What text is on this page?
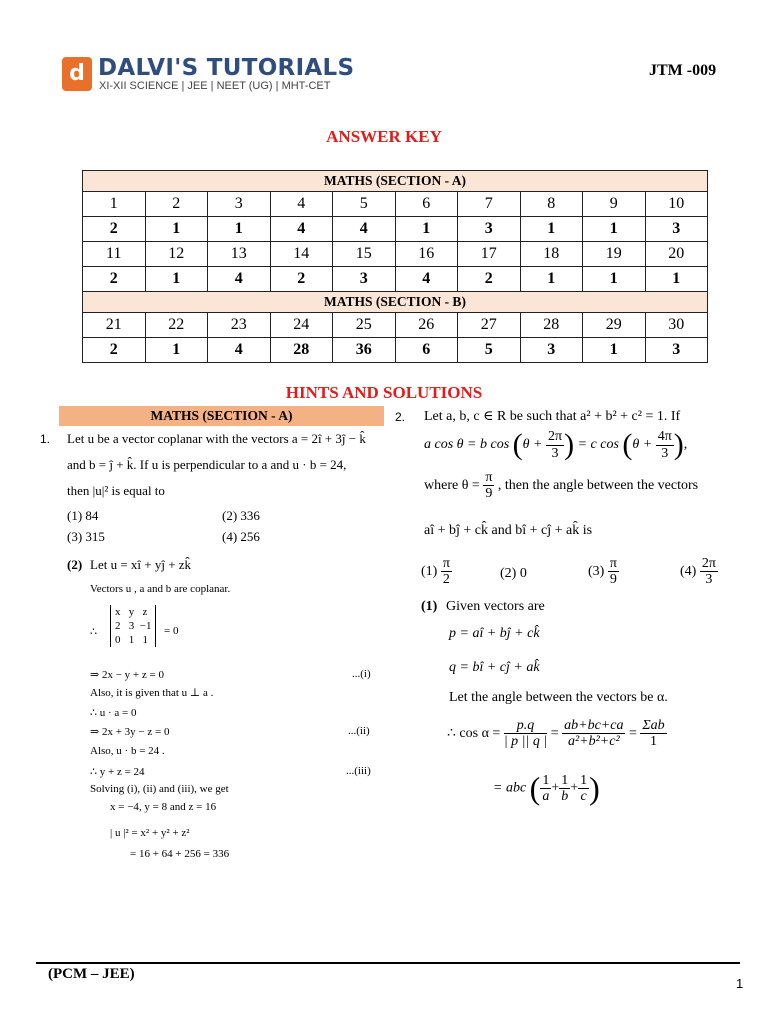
d DALVI'S TUTORIALS
XI-XII SCIENCE | JEE | NEET (UG) | MHT-CET
JTM -009
ANSWER KEY
MATHS (SECTION - A)									
1	2	3	4	5	6	7	8	9	10
2	1	1	4	4	1	3	1	1	3
11	12	13	14	15	16	17	18	19	20
2	1	4	2	3	4	2	1	1	1
MATHS (SECTION - B)									
21	22	23	24	25	26	27	28	29	30
2	1	4	28	36	6	5	3	1	3
HINTS AND SOLUTIONS
MATHS (SECTION - A)
1. Let u be a vector coplanar with the vectors a = 2î + 3ĵ − k̂
and b = ĵ + k̂. If u is perpendicular to a and u · b = 24,
then |u|² is equal to
(1) 84	(2) 336
(3) 315	(4) 256
(2) Let u = xî + yĵ + zk̂
Vectors u , a and b are coplanar.
∴
x   y   z
2   3  −1
0   1   1
= 0
⇒ 2x − y + z = 0	...(i)
Also, it is given that u ⊥ a .
∴ u · a = 0
⇒ 2x + 3y − z = 0	...(ii)
Also, u · b = 24 .
∴ y + z = 24	...(iii)
Solving (i), (ii) and (iii), we get
x = −4, y = 8 and z = 16
| u |² = x² + y² + z²
= 16 + 64 + 256 = 336
2. Let a, b, c ∈ R be such that a² + b² + c² = 1. If
a cos θ = b $\cos (\theta + \frac{2\pi}{3}$ ) = c $\cos (\theta + \frac{4\pi}{3}$ ),
where $\theta = \frac{\pi}{9}$ , then the angle between the vectors
aî + bĵ + ck̂ and bî + cĵ + ak̂ is
$(1) \frac{\pi}{2}$	(2) 0	$(3) \frac{\pi}{9}$	$(4) \frac{2\pi}{3}$
(1) Given vectors are
p = aî + bĵ + ck̂
q = bî + cĵ + ak̂
Let the angle between the vectors be α.
∴ $\cos \alpha = \frac{p.q}{| p || q |} = \frac{ab+bc+ca}{\text{a²+b²+c²}} = \frac{\text{Σab}}{1}$
= abc ( $\frac{1}{a} + \frac{1}{b} + \frac{1}{c}$ )
(PCM – JEE)
1
